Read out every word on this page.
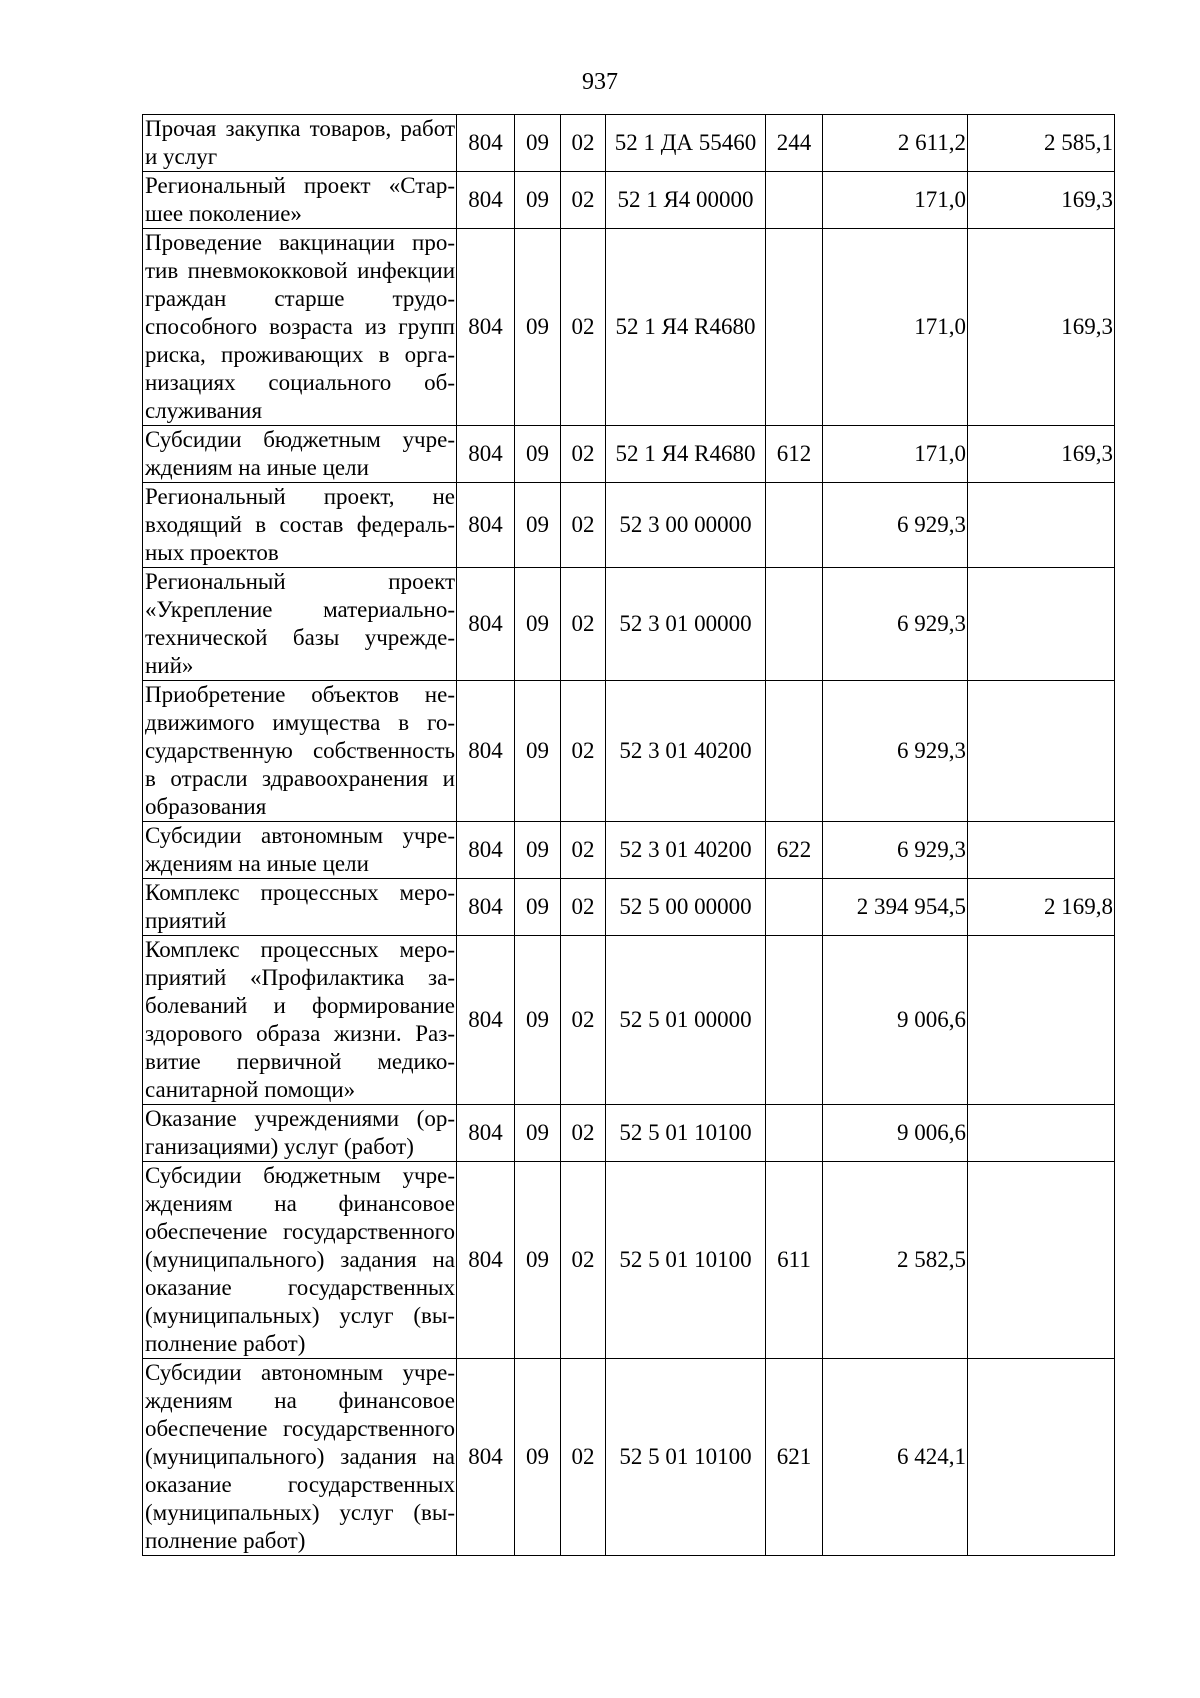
937
Прочая закупка товаров, работ и услуг	804	09	02	52 1 ДА 55460	244	2 611,2	2 585,1
Региональный проект «Старшее поколение»	804	09	02	52 1 Я4 00000		171,0	169,3
Проведение вакцинации против пневмококковой инфекции граждан старше трудоспособного возраста из групп риска, проживающих в организациях социального обслуживания	804	09	02	52 1 Я4 R4680		171,0	169,3
Субсидии бюджетным учреждениям на иные цели	804	09	02	52 1 Я4 R4680	612	171,0	169,3
Региональный проект, не входящий в состав федеральных проектов	804	09	02	52 3 00 00000		6 929,3	
Региональный проект «Укрепление материально-технической базы учреждений»	804	09	02	52 3 01 00000		6 929,3	
Приобретение объектов недвижимого имущества в государственную собственность в отрасли здравоохранения и образования	804	09	02	52 3 01 40200		6 929,3	
Субсидии автономным учреждениям на иные цели	804	09	02	52 3 01 40200	622	6 929,3	
Комплекс процессных мероприятий	804	09	02	52 5 00 00000		2 394 954,5	2 169,8
Комплекс процессных мероприятий «Профилактика заболеваний и формирование здорового образа жизни. Развитие первичной медико-санитарной помощи»	804	09	02	52 5 01 00000		9 006,6	
Оказание учреждениями (организациями) услуг (работ)	804	09	02	52 5 01 10100		9 006,6	
Субсидии бюджетным учреждениям на финансовое обеспечение государственного (муниципального) задания на оказание государственных (муниципальных) услуг (выполнение работ)	804	09	02	52 5 01 10100	611	2 582,5	
Субсидии автономным учреждениям на финансовое обеспечение государственного (муниципального) задания на оказание государственных (муниципальных) услуг (выполнение работ)	804	09	02	52 5 01 10100	621	6 424,1	
